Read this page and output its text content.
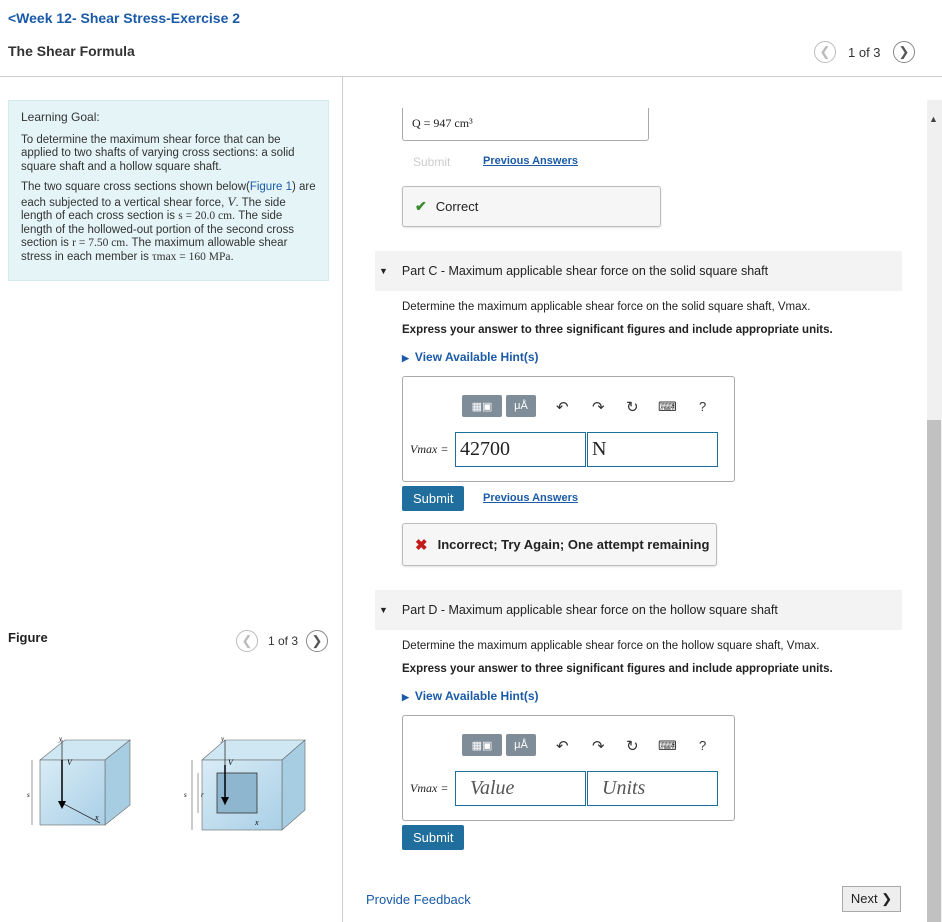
<Week 12- Shear Stress-Exercise 2
The Shear Formula	❮ 1 of 3 ❯
Learning Goal:

To determine the maximum shear force that can be applied to two shafts of varying cross sections: a solid square shaft and a hollow square shaft.

The two square cross sections shown below(Figure 1) are each subjected to a vertical shear force, V. The side length of each cross section is s = 20.0 cm. The side length of the hollowed-out portion of the second cross section is r = 7.50 cm. The maximum allowable shear stress in each member is τmax = 160 MPa.

Figure	❮ 1 of 3 ❯
y
V
x
s
y
V
x
s r
Q = 947 cm³
Submit	Previous Answers
✔ Correct
▼ Part C - Maximum applicable shear force on the solid square shaft
Determine the maximum applicable shear force on the solid square shaft, Vmax.
Express your answer to three significant figures and include appropriate units.
▶ View Available Hint(s)
▦▣	μÅ	↶ ↷ ↻ ⌨ ?
Vmax = 42700	N
Submit	Previous Answers
✖ Incorrect; Try Again; One attempt remaining
▼ Part D - Maximum applicable shear force on the hollow square shaft
Determine the maximum applicable shear force on the hollow square shaft, Vmax.
Express your answer to three significant figures and include appropriate units.
▶ View Available Hint(s)
▦▣	μÅ	↶ ↷ ↻ ⌨ ?
Vmax =	Value	Units
Submit
Provide Feedback	Next ❯
▲
